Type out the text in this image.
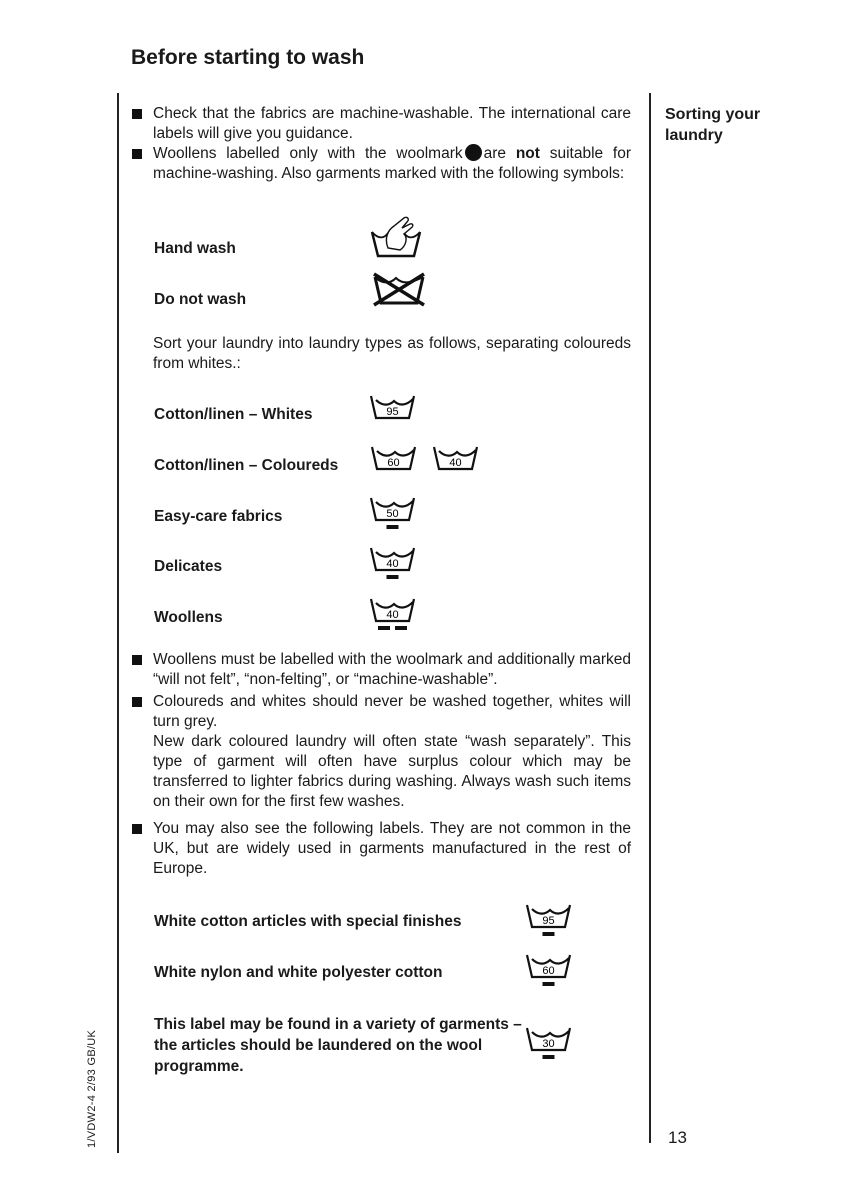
Before starting to wash
Sorting your laundry
Check that the fabrics are machine-washable. The international care labels will give you guidance.
Woollens labelled only with the woolmark are not suitable for machine-washing. Also garments marked with the following symbols:
Hand wash
Do not wash
Sort your laundry into laundry types as follows, separating coloureds from whites.:
Cotton/linen – Whites
Cotton/linen – Coloureds
Easy-care fabrics
Delicates
Woollens
Woollens must be labelled with the woolmark and additionally marked “will not felt”, “non-felting”, or “machine-washable”.
Coloureds and whites should never be washed together, whites will turn grey.
New dark coloured laundry will often state “wash separately”. This type of garment will often have surplus colour which may be transferred to lighter fabrics during washing. Always wash such items on their own for the first few washes.
You may also see the following labels. They are not common in the UK, but are widely used in garments manufactured in the rest of Europe.
White cotton articles with special finishes
White nylon and white polyester cotton
This label may be found in a variety of garments – the articles should be laundered on the wool programme.
13
1/VDW2-4 2/93 GB/UK
95
60	40
50
40
40
95
60
30
